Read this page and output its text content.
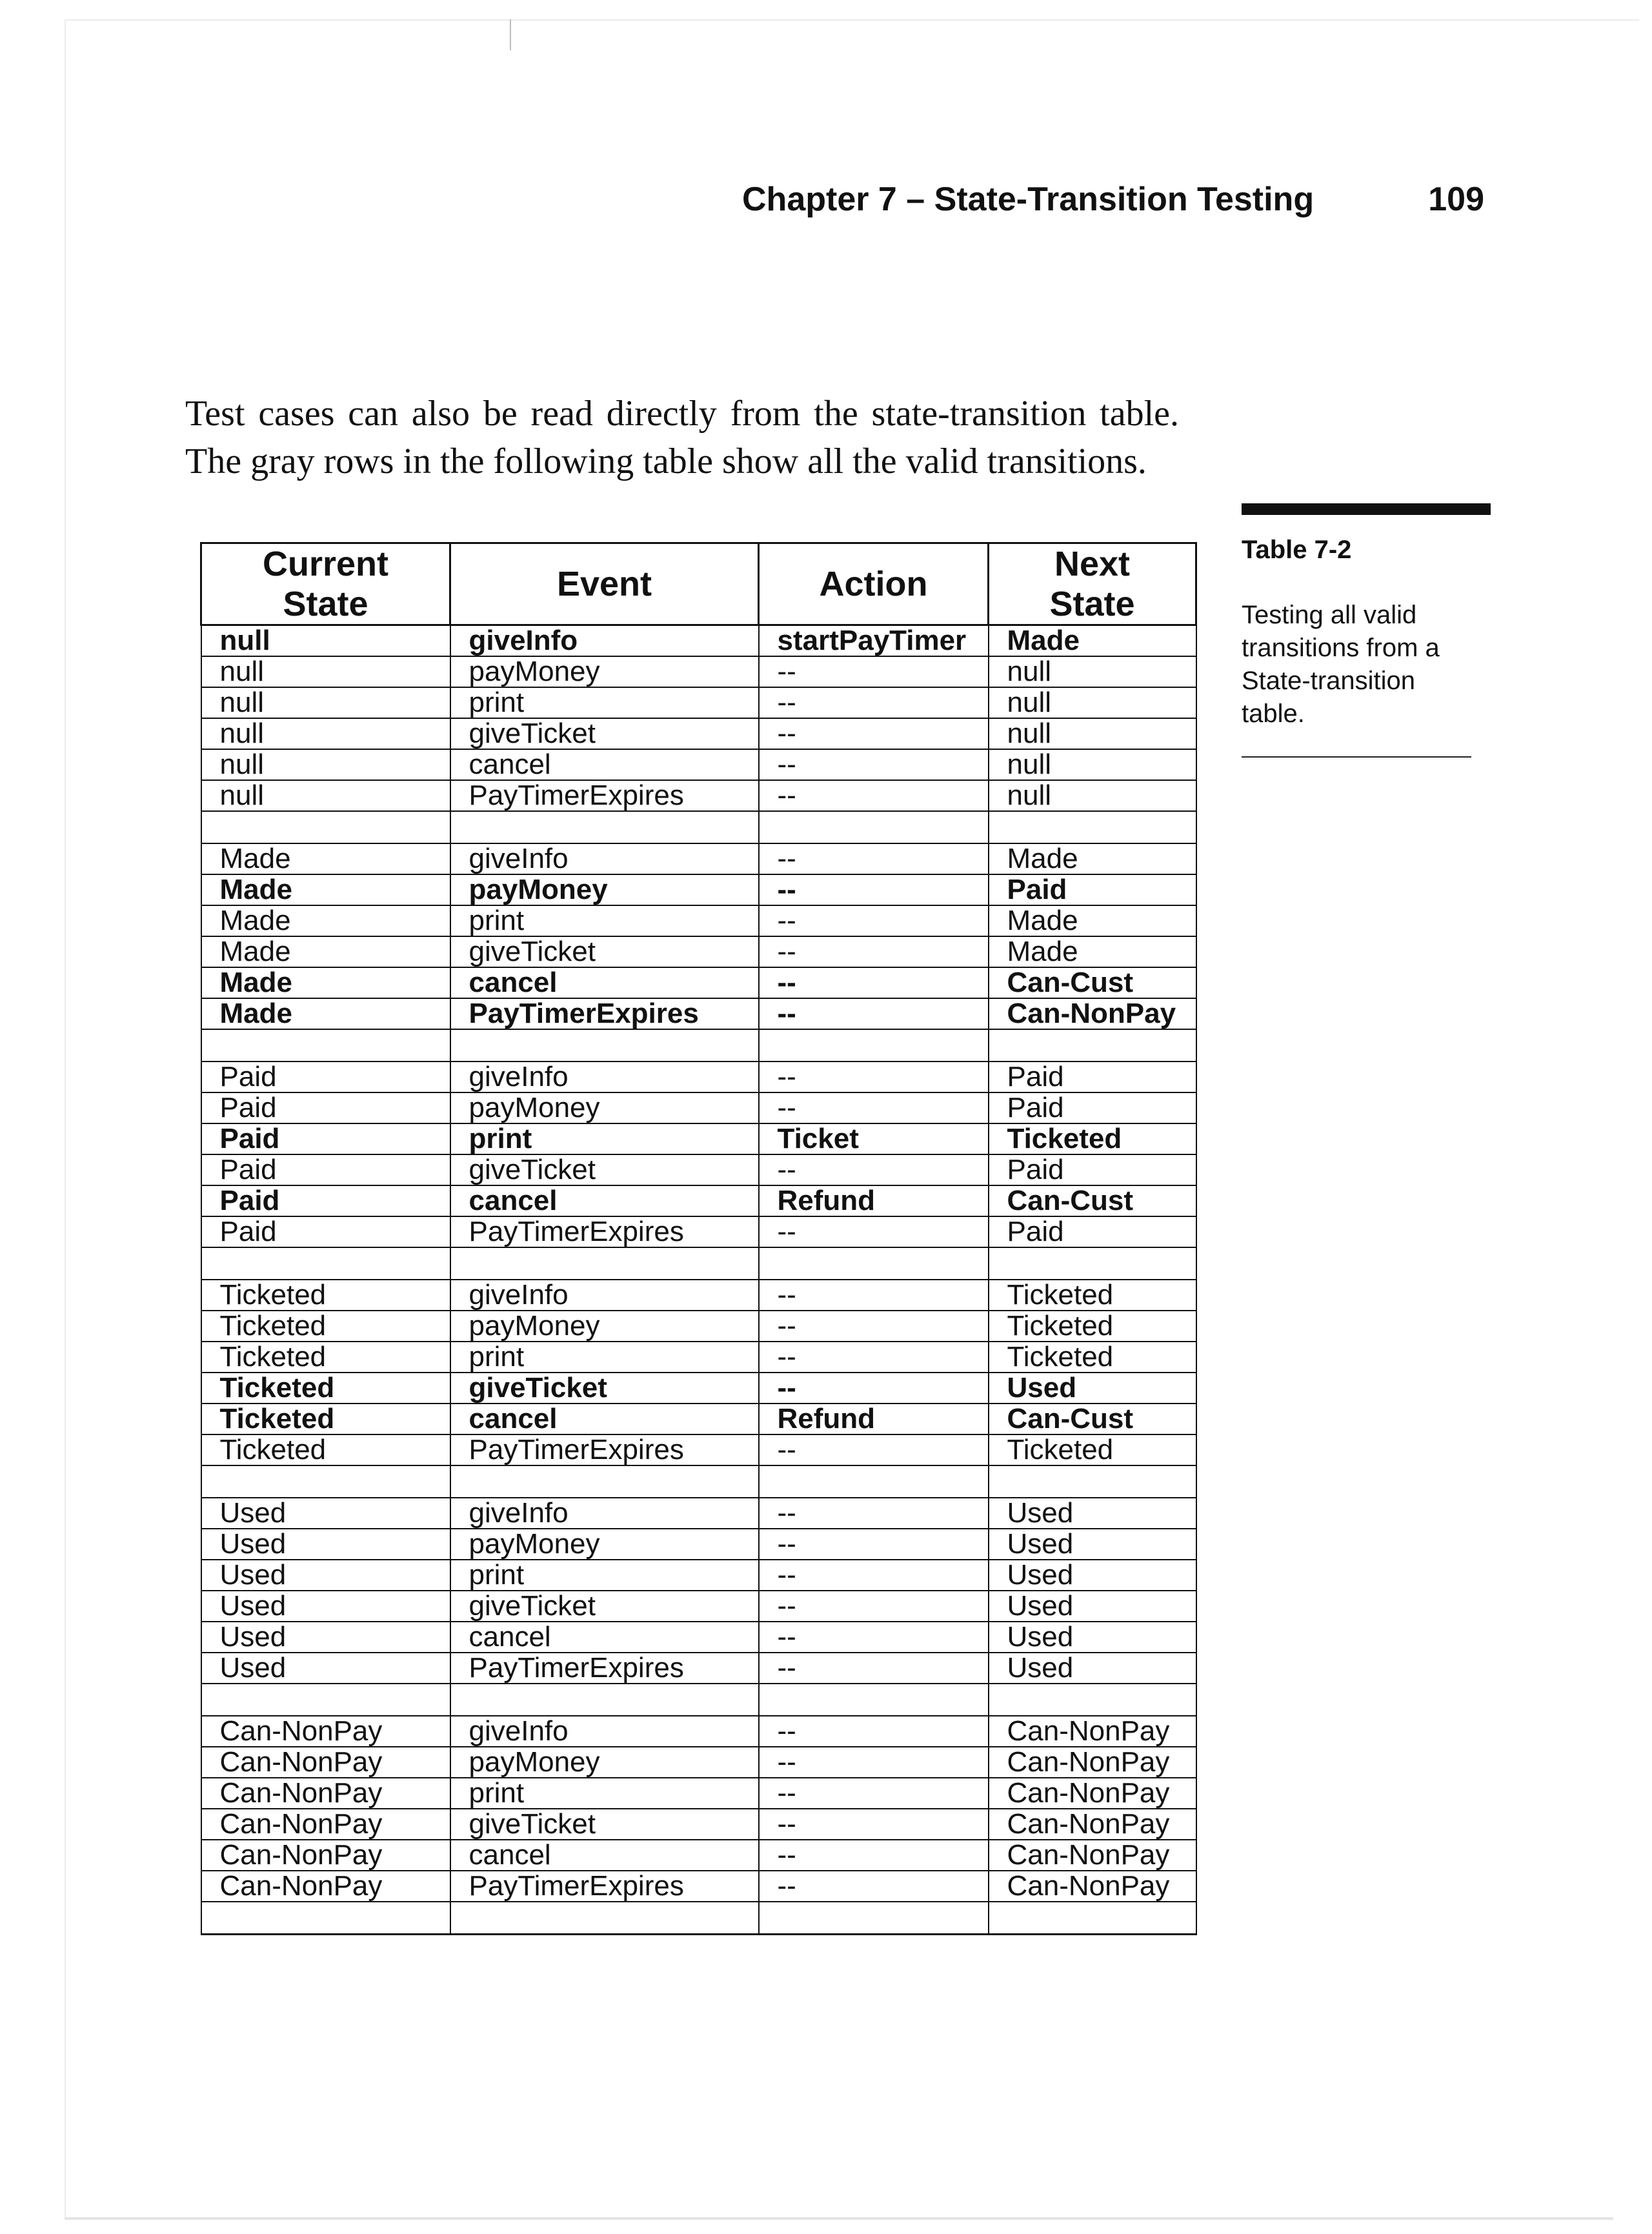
Chapter 7 – State-Transition Testing	109

Test cases can also be read directly from the state-transition table. The gray rows in the following table show all the valid transitions.

Table 7-2
Testing all valid transitions from a State-transition table.
Current State	Event	Action	Next State
null	giveInfo	startPayTimer	Made
null	payMoney	--	null
null	print	--	null
null	giveTicket	--	null
null	cancel	--	null
null	PayTimerExpires	--	null

Made	giveInfo	--	Made
Made	payMoney	--	Paid
Made	print	--	Made
Made	giveTicket	--	Made
Made	cancel	--	Can-Cust
Made	PayTimerExpires	--	Can-NonPay

Paid	giveInfo	--	Paid
Paid	payMoney	--	Paid
Paid	print	Ticket	Ticketed
Paid	giveTicket	--	Paid
Paid	cancel	Refund	Can-Cust
Paid	PayTimerExpires	--	Paid

Ticketed	giveInfo	--	Ticketed
Ticketed	payMoney	--	Ticketed
Ticketed	print	--	Ticketed
Ticketed	giveTicket	--	Used
Ticketed	cancel	Refund	Can-Cust
Ticketed	PayTimerExpires	--	Ticketed

Used	giveInfo	--	Used
Used	payMoney	--	Used
Used	print	--	Used
Used	giveTicket	--	Used
Used	cancel	--	Used
Used	PayTimerExpires	--	Used

Can-NonPay	giveInfo	--	Can-NonPay
Can-NonPay	payMoney	--	Can-NonPay
Can-NonPay	print	--	Can-NonPay
Can-NonPay	giveTicket	--	Can-NonPay
Can-NonPay	cancel	--	Can-NonPay
Can-NonPay	PayTimerExpires	--	Can-NonPay
